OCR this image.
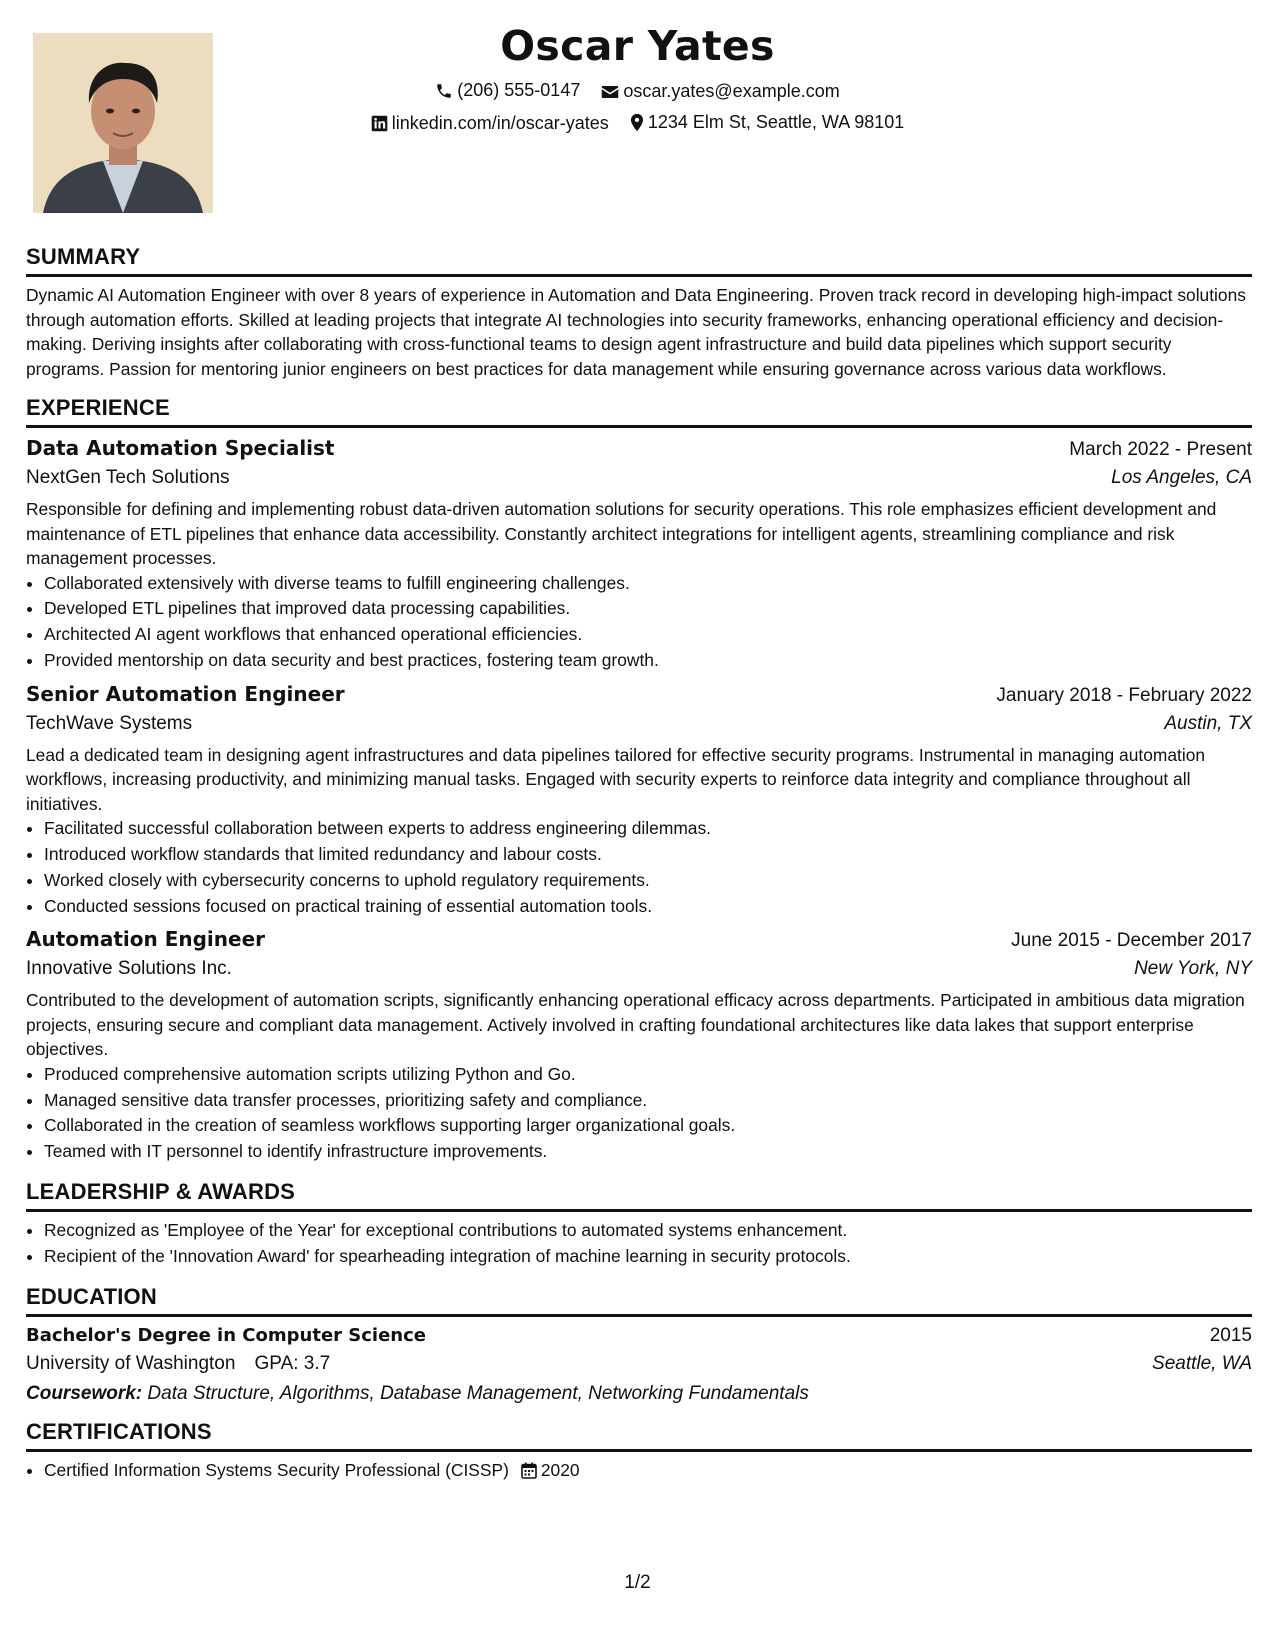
Oscar Yates
(206) 555-0147
oscar.yates@example.com
linkedin.com/in/oscar-yates
1234 Elm St, Seattle, WA 98101
SUMMARY

Dynamic AI Automation Engineer with over 8 years of experience in Automation and Data Engineering. Proven track record in developing high-impact solutions through automation efforts. Skilled at leading projects that integrate AI technologies into security frameworks, enhancing operational efficiency and decision-making. Deriving insights after collaborating with cross-functional teams to design agent infrastructure and build data pipelines which support security programs. Passion for mentoring junior engineers on best practices for data management while ensuring governance across various data workflows.

EXPERIENCE
Data Automation Specialist	March 2022 - Present
NextGen Tech Solutions	Los Angeles, CA

Responsible for defining and implementing robust data-driven automation solutions for security operations. This role emphasizes efficient development and maintenance of ETL pipelines that enhance data accessibility. Constantly architect integrations for intelligent agents, streamlining compliance and risk management processes.

• Collaborated extensively with diverse teams to fulfill engineering challenges.
• Developed ETL pipelines that improved data processing capabilities.
• Architected AI agent workflows that enhanced operational efficiencies.
• Provided mentorship on data security and best practices, fostering team growth.
Senior Automation Engineer	January 2018 - February 2022
TechWave Systems	Austin, TX

Lead a dedicated team in designing agent infrastructures and data pipelines tailored for effective security programs. Instrumental in managing automation workflows, increasing productivity, and minimizing manual tasks. Engaged with security experts to reinforce data integrity and compliance throughout all initiatives.

• Facilitated successful collaboration between experts to address engineering dilemmas.
• Introduced workflow standards that limited redundancy and labour costs.
• Worked closely with cybersecurity concerns to uphold regulatory requirements.
• Conducted sessions focused on practical training of essential automation tools.
Automation Engineer	June 2015 - December 2017
Innovative Solutions Inc.	New York, NY

Contributed to the development of automation scripts, significantly enhancing operational efficacy across departments. Participated in ambitious data migration projects, ensuring secure and compliant data management. Actively involved in crafting foundational architectures like data lakes that support enterprise objectives.

• Produced comprehensive automation scripts utilizing Python and Go.
• Managed sensitive data transfer processes, prioritizing safety and compliance.
• Collaborated in the creation of seamless workflows supporting larger organizational goals.
• Teamed with IT personnel to identify infrastructure improvements.
LEADERSHIP & AWARDS
• Recognized as 'Employee of the Year' for exceptional contributions to automated systems enhancement.
• Recipient of the 'Innovation Award' for spearheading integration of machine learning in security protocols.
EDUCATION
Bachelor's Degree in Computer Science	2015
University of Washington GPA: 3.7	Seattle, WA
Coursework: Data Structure, Algorithms, Database Management, Networking Fundamentals
CERTIFICATIONS
• Certified Information Systems Security Professional (CISSP) 2020
1/2
